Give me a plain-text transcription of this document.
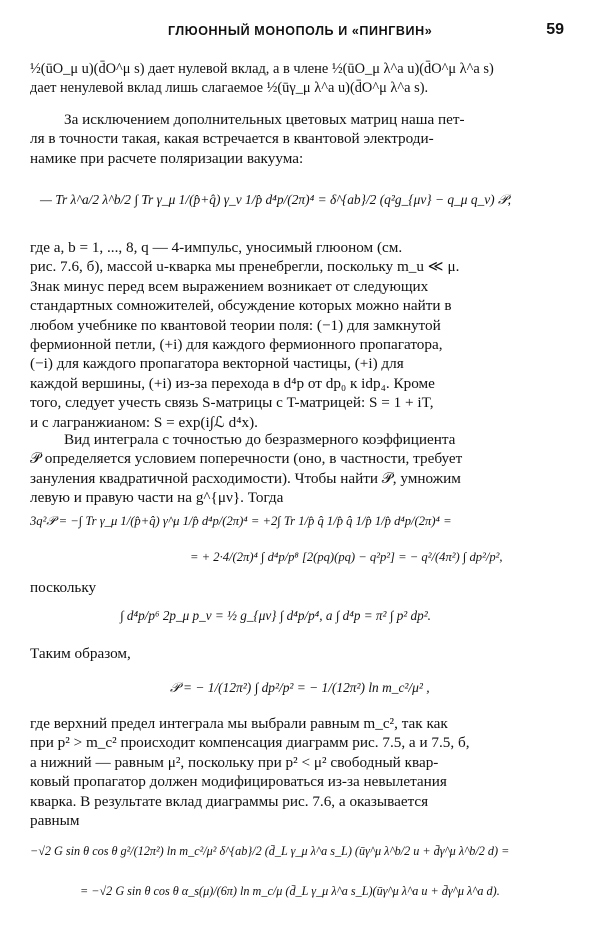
ГЛЮОННЫЙ МОНОПОЛЬ И «ПИНГВИН»	59
½(ūO_μ u)(d̄O^μ s) дает нулевой вклад, а в члене ½(ūO_μ λ^a u)(d̄O^μ λ^a s)
дает ненулевой вклад лишь слагаемое ½(ūγ_μ λ^a u)(d̄O^μ λ^a s).
За исключением дополнительных цветовых матриц наша пет-
ля в точности такая, какая встречается в квантовой электроди-
намике при расчете поляризации вакуума:
— Tr λ^a/2 λ^b/2 ∫ Tr γ_μ 1/(p̂+q̂) γ_ν 1/p̂ d⁴p/(2π)⁴ = δ^{ab}/2 (q²g_{μν} − q_μ q_ν) 𝒫,
где a, b = 1, ..., 8, q — 4-импульс, уносимый глюоном (см.
рис. 7.6, б), массой u-кварка мы пренебрегли, поскольку m_u ≪ μ.
Знак минус перед всем выражением возникает от следующих
стандартных сомножителей, обсуждение которых можно найти в
любом учебнике по квантовой теории поля: (−1) для замкнутой
фермионной петли, (+i) для каждого фермионного пропагатора,
(−i) для каждого пропагатора векторной частицы, (+i) для
каждой вершины, (+i) из-за перехода в d⁴p от dp₀ к idp₄. Кроме
того, следует учесть связь S-матрицы с T-матрицей: S = 1 + iT,
и с лагранжианом: S = exp(i∫ℒ d⁴x).
Вид интеграла с точностью до безразмерного коэффициента
𝒫 определяется условием поперечности (оно, в частности, требует
зануления квадратичной расходимости). Чтобы найти 𝒫, умножим
левую и правую части на g^{μν}. Тогда
3q²𝒫 = −∫ Tr γ_μ 1/(p̂+q̂) γ^μ 1/p̂ d⁴p/(2π)⁴ = +2∫ Tr 1/p̂ q̂ 1/p̂ q̂ 1/p̂ 1/p̂ d⁴p/(2π)⁴ =
= + 2·4/(2π)⁴ ∫ d⁴p/p⁸ [2(pq)(pq) − q²p²] = − q²/(4π²) ∫ dp²/p²,
поскольку
∫ d⁴p/p⁶ 2p_μ p_ν = ½ g_{μν} ∫ d⁴p/p⁴, а ∫ d⁴p = π² ∫ p² dp².
Таким образом,
𝒫 = − 1/(12π²) ∫ dp²/p² = − 1/(12π²) ln m_c²/μ² ,
где верхний предел интеграла мы выбрали равным m_c², так как
при p² > m_c² происходит компенсация диаграмм рис. 7.5, а и 7.5, б,
а нижний — равным μ², поскольку при p² < μ² свободный квар-
ковый пропагатор должен модифицироваться из-за невылетания
кварка. В результате вклад диаграммы рис. 7.6, а оказывается
равным
−√2 G sin θ cos θ g²/(12π²) ln m_c²/μ² δ^{ab}/2 (d̄_L γ_μ λ^a s_L) (ūγ^μ λ^b/2 u + d̄γ^μ λ^b/2 d) =
= −√2 G sin θ cos θ α_s(μ)/(6π) ln m_c/μ (d̄_L γ_μ λ^a s_L)(ūγ^μ λ^a u + d̄γ^μ λ^a d).
